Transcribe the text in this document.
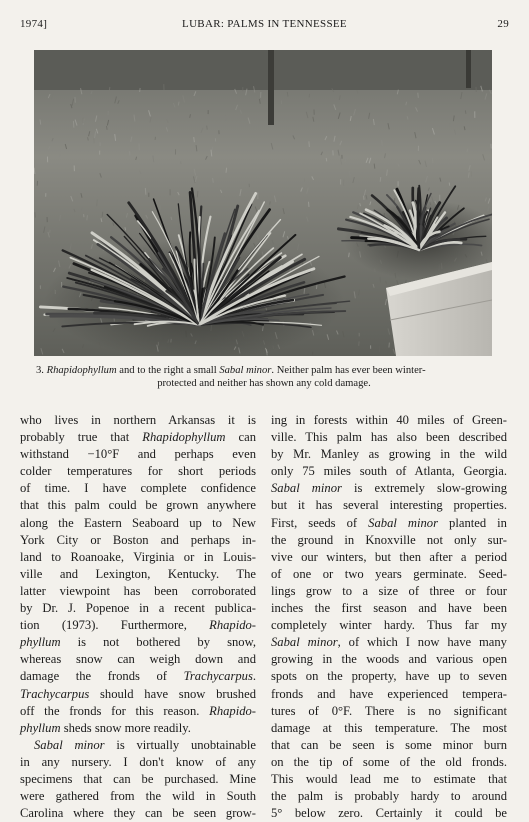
1974]	LUBAR: PALMS IN TENNESSEE	29
3. Rhapidophyllum and to the right a small Sabal minor. Neither palm has ever been winter-
protected and neither has shown any cold damage.
who lives in northern Arkansas it is
probably true that Rhapidophyllum can
withstand  −10°F  and  perhaps  even
colder temperatures for short periods
of time. I have complete confidence
that this palm could be grown anywhere
along the Eastern Seaboard up to New
York City or Boston and perhaps in-
land to Roanoake, Virginia or in Louis-
ville and Lexington, Kentucky. The
latter viewpoint has been corroborated
by Dr. J. Popenoe in a recent publica-
tion (1973). Furthermore, Rhapido-
phyllum is not bothered by snow,
whereas snow can weigh down and
damage the fronds of Trachycarpus.
Trachycarpus should have snow brushed
off the fronds for this reason. Rhapido-
phyllum sheds snow more readily.
Sabal minor is virtually unobtainable
in any nursery. I don't know of any
specimens that can be purchased. Mine
were gathered from the wild in South
Carolina where they can be seen grow-
ing in forests within 40 miles of Green-
ville. This palm has also been described
by Mr. Manley as growing in the wild
only 75 miles south of Atlanta, Georgia.
Sabal minor is extremely slow-growing
but it has several interesting properties.
First, seeds of Sabal minor planted in
the ground in Knoxville not only sur-
vive our winters, but then after a period
of one or two years germinate. Seed-
lings grow to a size of three or four
inches the first season and have been
completely winter hardy. Thus far my
Sabal minor, of which I now have many
growing in the woods and various open
spots on the property, have up to seven
fronds and have experienced tempera-
tures of 0°F. There is no significant
damage at this temperature. The most
that can be seen is some minor burn
on the tip of some of the old fronds.
This would lead me to estimate that
the palm is probably hardy to around
5° below zero. Certainly it could be
